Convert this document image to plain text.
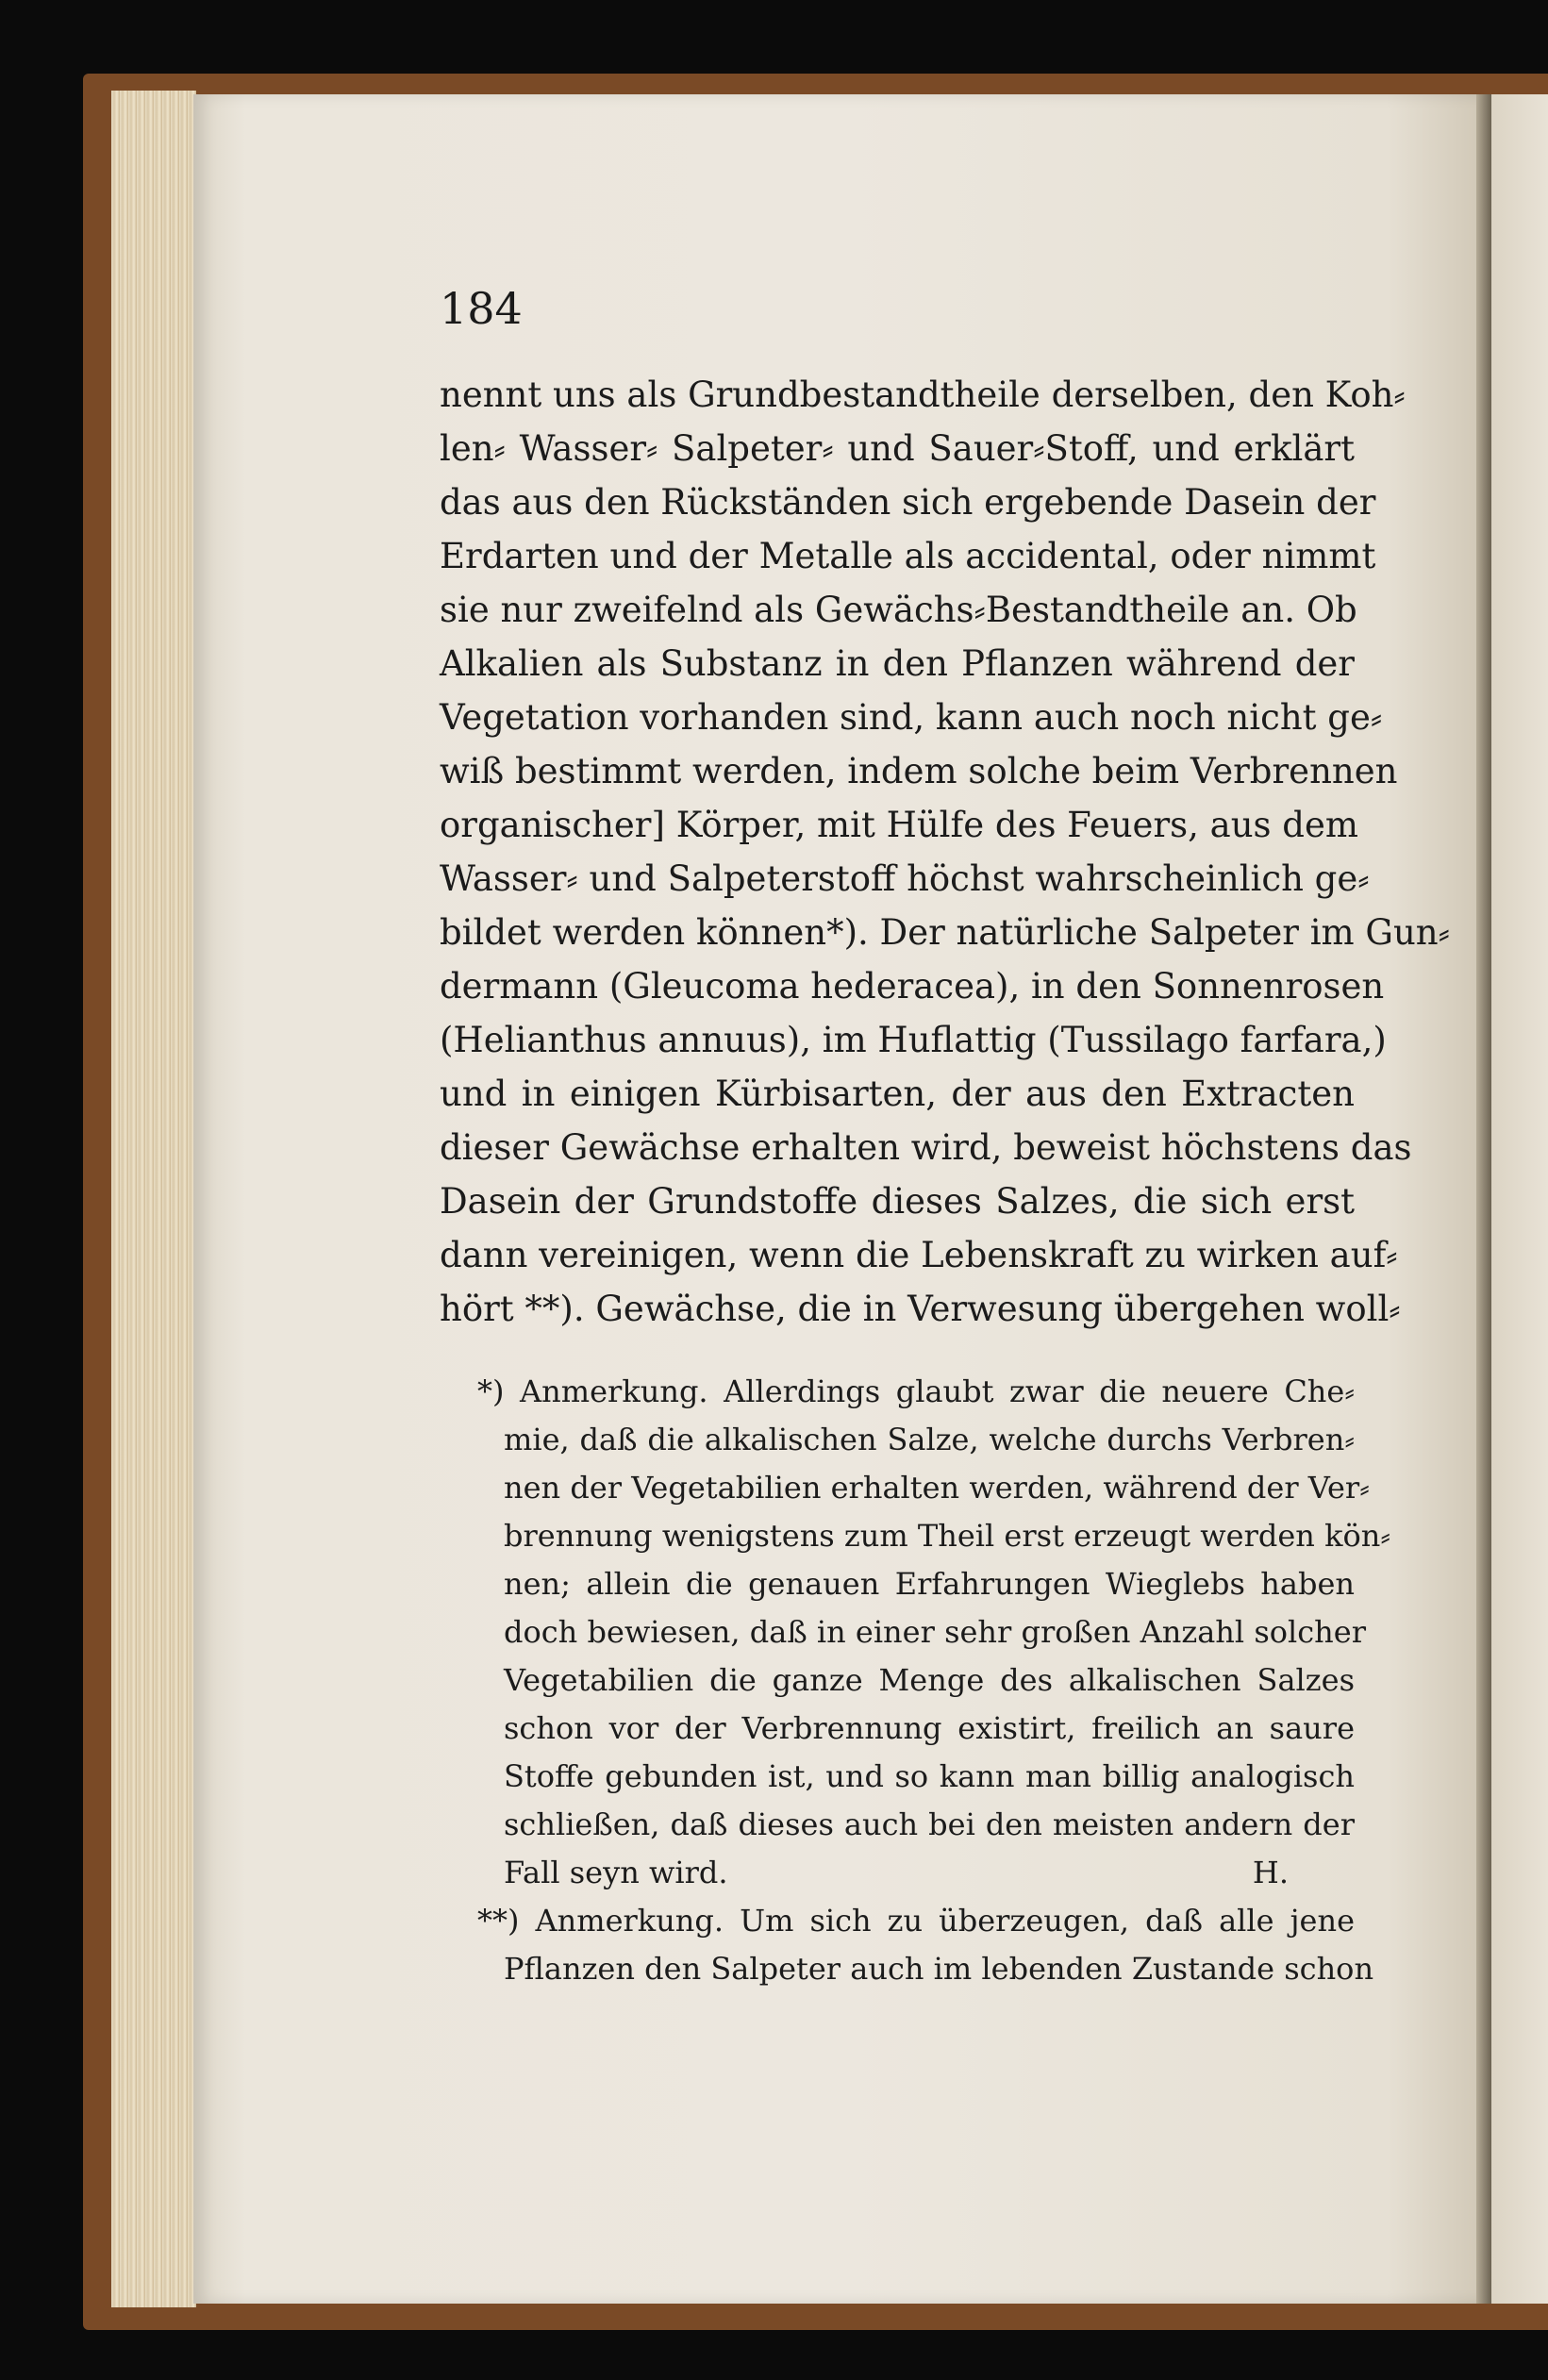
184
nennt uns als Grundbestandtheile derselben, den Koh⸗
len⸗ Wasser⸗ Salpeter⸗ und Sauer⸗Stoff, und erklärt
das aus den Rückständen sich ergebende Dasein der
Erdarten und der Metalle als accidental, oder nimmt
sie nur zweifelnd als Gewächs⸗Bestandtheile an. Ob
Alkalien als Substanz in den Pflanzen während der
Vegetation vorhanden sind, kann auch noch nicht ge⸗
wiß bestimmt werden, indem solche beim Verbrennen
organischer] Körper, mit Hülfe des Feuers, aus dem
Wasser⸗ und Salpeterstoff höchst wahrscheinlich ge⸗
bildet werden können*). Der natürliche Salpeter im Gun⸗
dermann (Gleucoma hederacea), in den Sonnenrosen
(Helianthus annuus), im Huflattig (Tussilago farfara,)
und in einigen Kürbisarten, der aus den Extracten
dieser Gewächse erhalten wird, beweist höchstens das
Dasein der Grundstoffe dieses Salzes, die sich erst
dann vereinigen, wenn die Lebenskraft zu wirken auf⸗
hört **). Gewächse, die in Verwesung übergehen woll⸗
*) Anmerkung. Allerdings glaubt zwar die neuere Che⸗
mie, daß die alkalischen Salze, welche durchs Verbren⸗
nen der Vegetabilien erhalten werden, während der Ver⸗
brennung wenigstens zum Theil erst erzeugt werden kön⸗
nen; allein die genauen Erfahrungen Wieglebs haben
doch bewiesen, daß in einer sehr großen Anzahl solcher
Vegetabilien die ganze Menge des alkalischen Salzes
schon vor der Verbrennung existirt, freilich an saure
Stoffe gebunden ist, und so kann man billig analogisch
schließen, daß dieses auch bei den meisten andern der
Fall seyn wird.	H.
**) Anmerkung. Um sich zu überzeugen, daß alle jene
Pflanzen den Salpeter auch im lebenden Zustande schon
